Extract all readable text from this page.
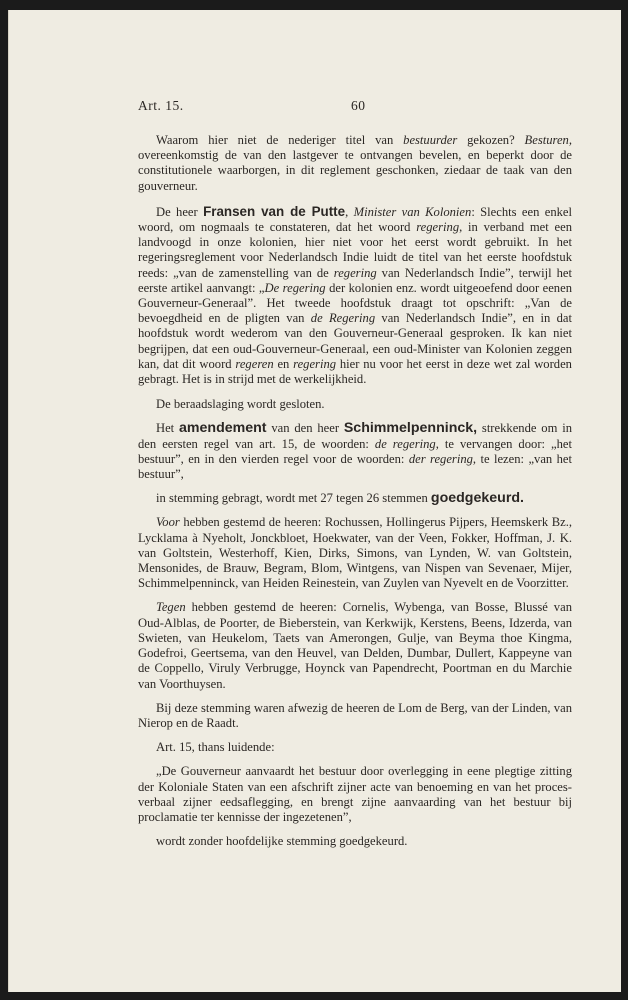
Art. 15.	60

Waarom hier niet de nederiger titel van bestuurder gekozen? Besturen, overeenkomstig de van den lastgever te ontvangen bevelen, en beperkt door de constitutionele waarborgen, in dit reglement geschonken, ziedaar de taak van den gouverneur.

De heer Fransen van de Putte, Minister van Kolonien: Slechts een enkel woord, om nogmaals te constateren, dat het woord regering, in verband met een landvoogd in onze kolonien, hier niet voor het eerst wordt gebruikt. In het regeringsreglement voor Nederlandsch Indie luidt de titel van het eerste hoofdstuk reeds: „van de zamenstelling van de regering van Nederlandsch Indie”, terwijl het eerste artikel aanvangt: „De regering der kolonien enz. wordt uitgeoefend door eenen Gouverneur-Generaal”. Het tweede hoofdstuk draagt tot opschrift: „Van de bevoegdheid en de pligten van de Regering van Nederlandsch Indie”, en in dat hoofdstuk wordt wederom van den Gouverneur-Generaal gesproken. Ik kan niet begrijpen, dat een oud-Gouverneur-Generaal, een oud-Minister van Kolonien zeggen kan, dat dit woord regeren en regering hier nu voor het eerst in deze wet zal worden gebragt. Het is in strijd met de werkelijkheid.

De beraadslaging wordt gesloten.

Het amendement van den heer Schimmelpenninck, strekkende om in den eersten regel van art. 15, de woorden: de regering, te vervangen door: „het bestuur”, en in den vierden regel voor de woorden: der regering, te lezen: „van het bestuur”,

in stemming gebragt, wordt met 27 tegen 26 stemmen goedgekeurd.

Voor hebben gestemd de heeren: Rochussen, Hollingerus Pijpers, Heemskerk Bz., Lycklama à Nyeholt, Jonckbloet, Hoekwater, van der Veen, Fokker, Hoffman, J. K. van Goltstein, Westerhoff, Kien, Dirks, Simons, van Lynden, W. van Goltstein, Mensonides, de Brauw, Begram, Blom, Wintgens, van Nispen van Sevenaer, Mijer, Schimmelpenninck, van Heiden Reinestein, van Zuylen van Nyevelt en de Voorzitter.

Tegen hebben gestemd de heeren: Cornelis, Wybenga, van Bosse, Blussé van Oud-Alblas, de Poorter, de Bieberstein, van Kerkwijk, Kerstens, Beens, Idzerda, van Swieten, van Heukelom, Taets van Amerongen, Gulje, van Beyma thoe Kingma, Godefroi, Geertsema, van den Heuvel, van Delden, Dumbar, Dullert, Kappeyne van de Coppello, Viruly Verbrugge, Hoynck van Papendrecht, Poortman en du Marchie van Voorthuysen.

Bij deze stemming waren afwezig de heeren de Lom de Berg, van der Linden, van Nierop en de Raadt.

Art. 15, thans luidende:

„De Gouverneur aanvaardt het bestuur door overlegging in eene plegtige zitting der Koloniale Staten van een afschrift zijner acte van benoeming en van het proces-verbaal zijner eedsaflegging, en brengt zijne aanvaarding van het bestuur bij proclamatie ter kennisse der ingezetenen”,

wordt zonder hoofdelijke stemming goedgekeurd.
